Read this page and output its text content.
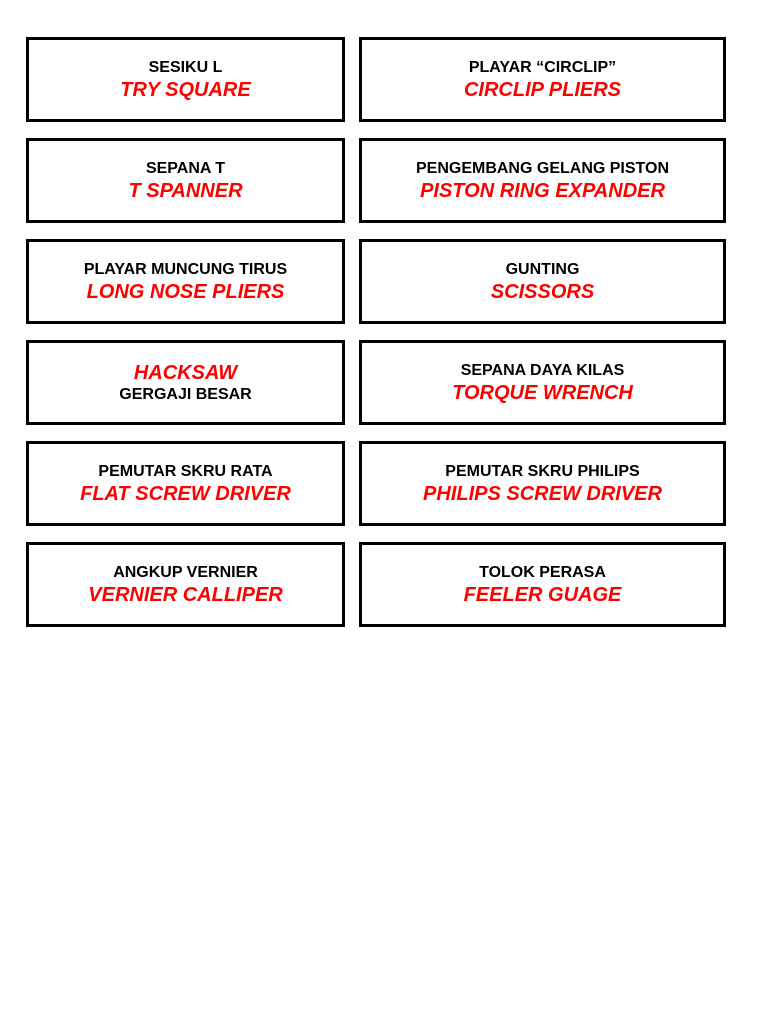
SESIKU L
TRY SQUARE
PLAYAR “CIRCLIP”
CIRCLIP PLIERS
SEPANA T
T SPANNER
PENGEMBANG GELANG PISTON
PISTON RING EXPANDER
PLAYAR MUNCUNG TIRUS
LONG NOSE PLIERS
GUNTING
SCISSORS
HACKSAW
GERGAJI BESAR
SEPANA DAYA KILAS
TORQUE WRENCH
PEMUTAR SKRU RATA
FLAT SCREW DRIVER
PEMUTAR SKRU PHILIPS
PHILIPS SCREW DRIVER
ANGKUP VERNIER
VERNIER CALLIPER
TOLOK PERASA
FEELER GUAGE
